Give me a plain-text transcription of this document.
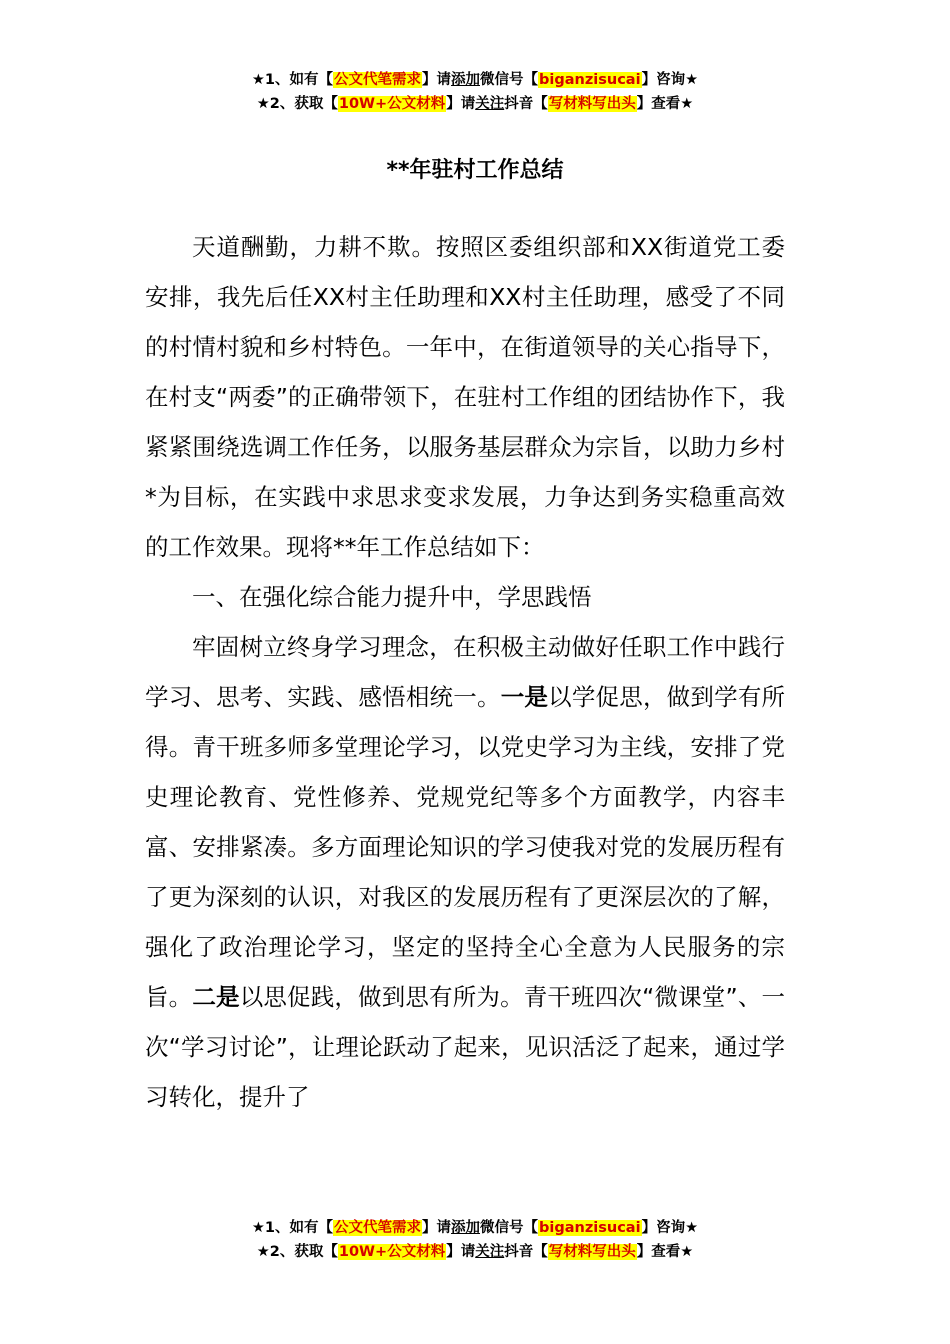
★1、如有【公文代笔需求】请添加微信号【biganzisucai】咨询★
★2、获取【10W+公文材料】请关注抖音【写材料写出头】查看★
**年驻村工作总结

天道酬勤，力耕不欺。按照区委组织部和XX街道党工委安排，我先后任XX村主任助理和XX村主任助理，感受了不同的村情村貌和乡村特色。一年中，在街道领导的关心指导下，在村支“两委”的正确带领下，在驻村工作组的团结协作下，我紧紧围绕选调工作任务，以服务基层群众为宗旨，以助力乡村*为目标，在实践中求思求变求发展，力争达到务实稳重高效的工作效果。现将**年工作总结如下：

一、在强化综合能力提升中，学思践悟

牢固树立终身学习理念，在积极主动做好任职工作中践行学习、思考、实践、感悟相统一。一是以学促思，做到学有所得。青干班多师多堂理论学习，以党史学习为主线，安排了党史理论教育、党性修养、党规党纪等多个方面教学，内容丰富、安排紧凑。多方面理论知识的学习使我对党的发展历程有了更为深刻的认识，对我区的发展历程有了更深层次的了解，强化了政治理论学习，坚定的坚持全心全意为人民服务的宗旨。二是以思促践，做到思有所为。青干班四次“微课堂”、一次“学习讨论”，让理论跃动了起来，见识活泛了起来，通过学习转化，提升了

★1、如有【公文代笔需求】请添加微信号【biganzisucai】咨询★
★2、获取【10W+公文材料】请关注抖音【写材料写出头】查看★
